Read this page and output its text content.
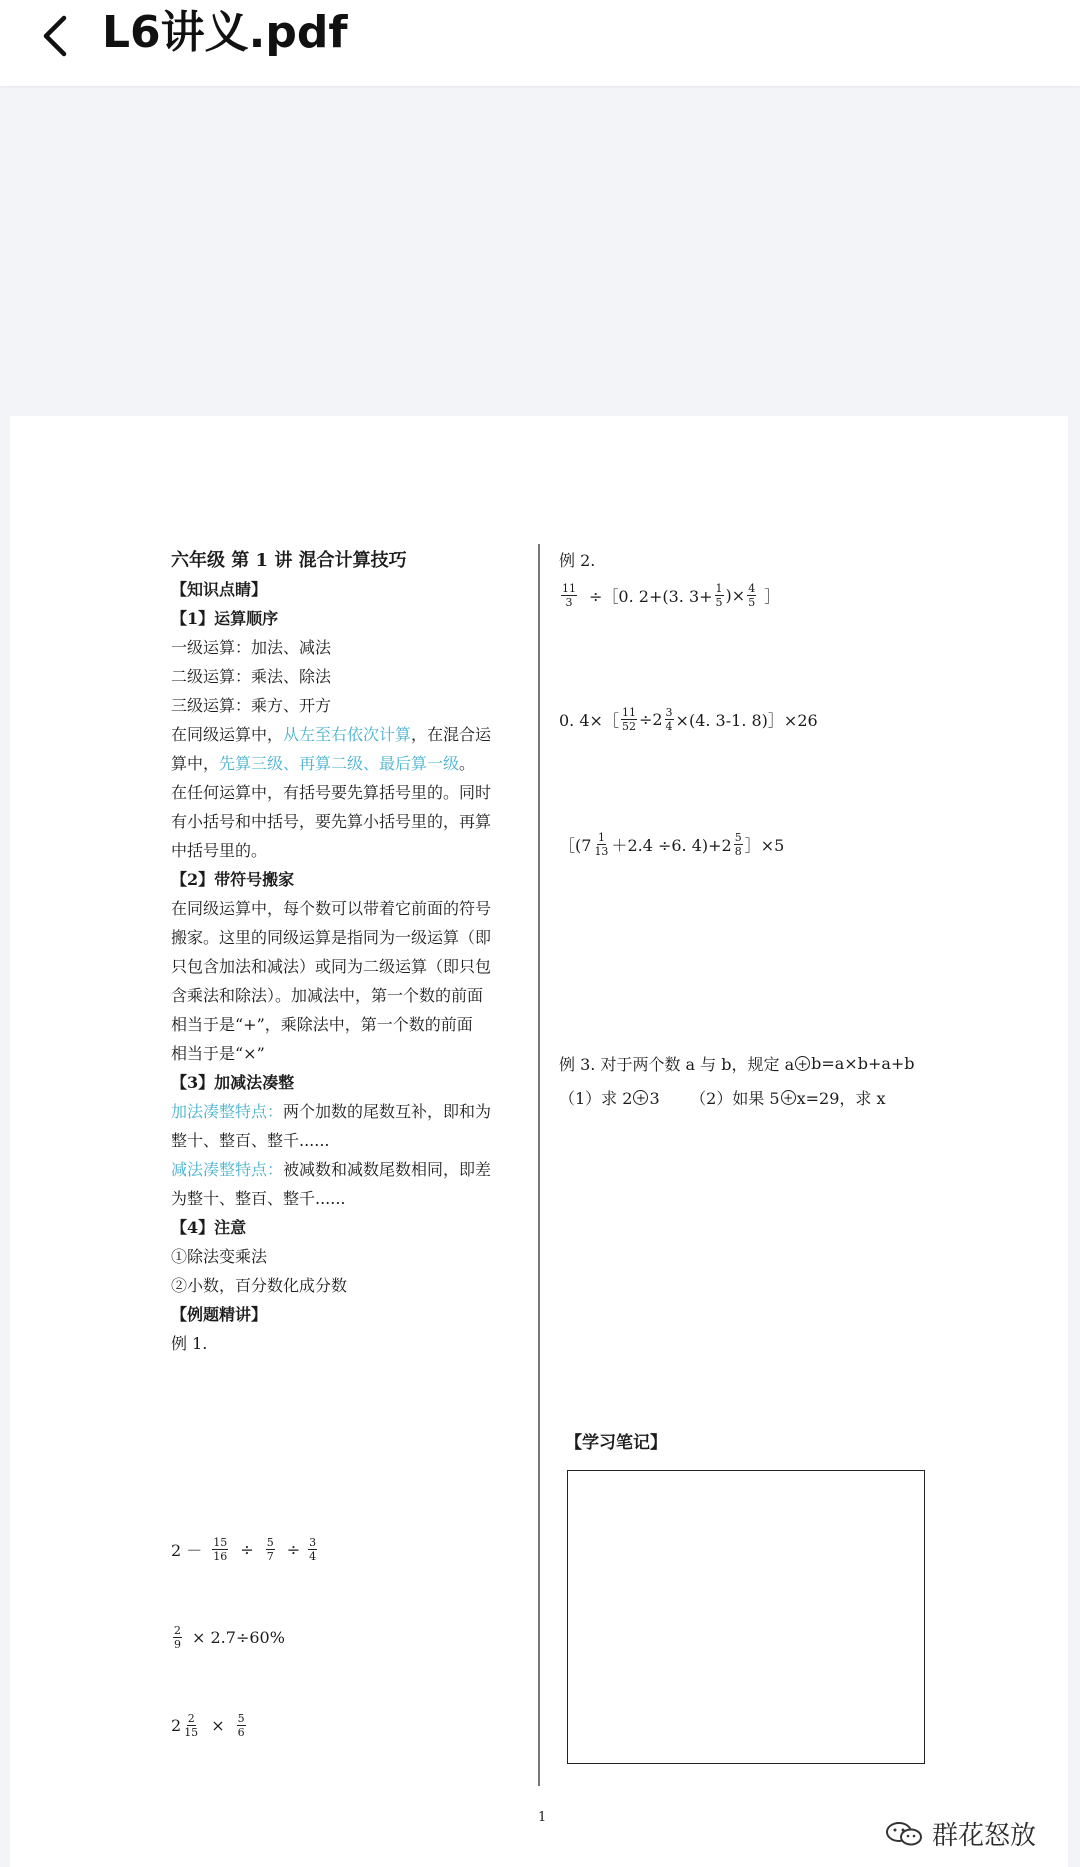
L6讲义.pdf
六年级 第 1 讲 混合计算技巧
【知识点睛】
【1】运算顺序
一级运算：加法、减法
二级运算：乘法、除法
三级运算：乘方、开方
在同级运算中，从左至右依次计算，在混合运
算中，先算三级、再算二级、最后算一级。
在任何运算中，有括号要先算括号里的。同时
有小括号和中括号，要先算小括号里的，再算
中括号里的。
【2】带符号搬家
在同级运算中，每个数可以带着它前面的符号
搬家。这里的同级运算是指同为一级运算（即
只包含加法和减法）或同为二级运算（即只包
含乘法和除法）。加减法中，第一个数的前面
相当于是“+”，乘除法中，第一个数的前面
相当于是“×”
【3】加减法凑整
加法凑整特点：两个加数的尾数互补，即和为
整十、整百、整千......
减法凑整特点：被减数和减数尾数相同，即差
为整十、整百、整千......
【4】注意
①除法变乘法
②小数，百分数化成分数
【例题精讲】
例 1.
$2 - \frac{15}{16} \div \frac{5}{7} \div \frac{3}{4}$
$\frac{2}{9} \times 2.7\div 60\%$
$2 \frac{2}{15} \times \frac{5}{6}$
例 2.
$\frac{11}{3}$ ÷［0. 2+(3. $3+ \frac{1}{5}$ )× $\frac{4}{5}$ ］
0. 4×［ $\frac{11}{52} \div 2 \frac{3}{4} \times(4$. 3-1. 8)］×26
［(7 $\frac{1}{13} +2.4 \div 6$. $4)+2 \frac{5}{8}$ ］×5
例 3. 对于两个数 a 与 b，规定 a + b=a×b+a+b
（1）求 2 + 3      （2）如果 5 + x=29，求 x
【学习笔记】
1
群花怒放
